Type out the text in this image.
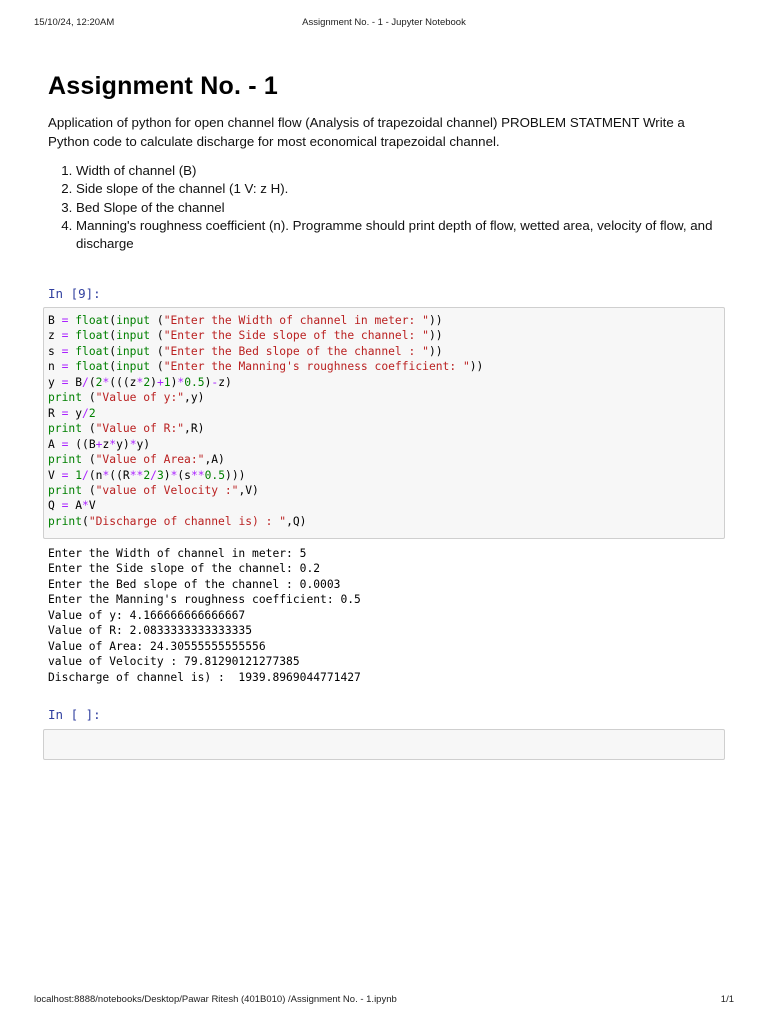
15/10/24, 12:20AM	Assignment No. - 1 - Jupyter Notebook
Assignment No. - 1

Application of python for open channel flow (Analysis of trapezoidal channel) PROBLEM STATMENT Write a Python code to calculate discharge for most economical trapezoidal channel.

1. Width of channel (B)
2. Side slope of the channel (1 V: z H).
3. Bed Slope of the channel
4. Manning's roughness coefficient (n). Programme should print depth of flow, wetted area, velocity of flow, and discharge
In [9]:
B = float(input ("Enter the Width of channel in meter: "))
z = float(input ("Enter the Side slope of the channel: "))
s = float(input ("Enter the Bed slope of the channel : "))
n = float(input ("Enter the Manning's roughness coefficient: "))
y = B/(2*(((z*2)+1)*0.5)-z)
print ("Value of y:",y)
R = y/2
print ("Value of R:",R)
A = ((B+z*y)*y)
print ("Value of Area:",A)
V = 1/(n*((R**2/3)*(s**0.5)))
print ("value of Velocity :",V)
Q = A*V
print("Discharge of channel is) : ",Q)
Enter the Width of channel in meter: 5
Enter the Side slope of the channel: 0.2
Enter the Bed slope of the channel : 0.0003
Enter the Manning's roughness coefficient: 0.5
Value of y: 4.166666666666667
Value of R: 2.0833333333333335
Value of Area: 24.30555555555556
value of Velocity : 79.81290121277385
Discharge of channel is) :  1939.8969044771427
In [ ]:
localhost:8888/notebooks/Desktop/Pawar Ritesh (401B010) /Assignment No. - 1.ipynb	1/1
